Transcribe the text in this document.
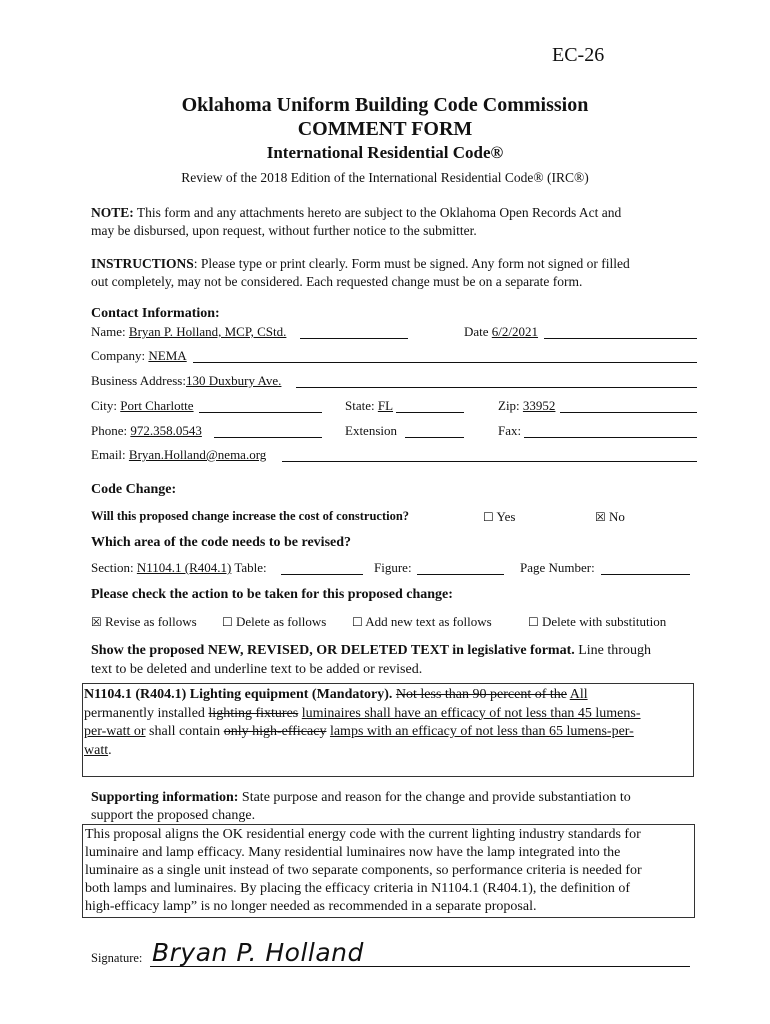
EC-26
Oklahoma Uniform Building Code Commission
COMMENT FORM
International Residential Code®
Review of the 2018 Edition of the International Residential Code® (IRC®)
NOTE: This form and any attachments hereto are subject to the Oklahoma Open Records Act and
may be disbursed, upon request, without further notice to the submitter.
INSTRUCTIONS: Please type or print clearly. Form must be signed. Any form not signed or filled
out completely, may not be considered. Each requested change must be on a separate form.
Contact Information:
Name: Bryan P. Holland, MCP, CStd.	Date 6/2/2021
Company: NEMA
Business Address:130 Duxbury Ave.
City: Port Charlotte	State: FL	Zip: 33952
Phone: 972.358.0543	Extension	Fax:
Email: Bryan.Holland@nema.org
Code Change:
Will this proposed change increase the cost of construction?	☐ Yes	☒ No
Which area of the code needs to be revised?
Section: N1104.1 (R404.1) Table:	Figure:	Page Number:
Please check the action to be taken for this proposed change:
☒ Revise as follows ☐ Delete as follows ☐ Add new text as follows	☐ Delete with substitution
Show the proposed NEW, REVISED, OR DELETED TEXT in legislative format. Line through
text to be deleted and underline text to be added or revised.
N1104.1 (R404.1) Lighting equipment (Mandatory). Not less than 90 percent of the All
permanently installed lighting fixtures luminaires shall have an efficacy of not less than 45 lumens-
per-watt or shall contain only high-efficacy lamps with an efficacy of not less than 65 lumens-per-
watt.
Supporting information: State purpose and reason for the change and provide substantiation to
support the proposed change.
This proposal aligns the OK residential energy code with the current lighting industry standards for
luminaire and lamp efficacy. Many residential luminaires now have the lamp integrated into the
luminaire as a single unit instead of two separate components, so performance criteria is needed for
both lamps and luminaires. By placing the efficacy criteria in N1104.1 (R404.1), the definition of
high-efficacy lamp” is no longer needed as recommended in a separate proposal.
Signature: Bryan P. Holland
